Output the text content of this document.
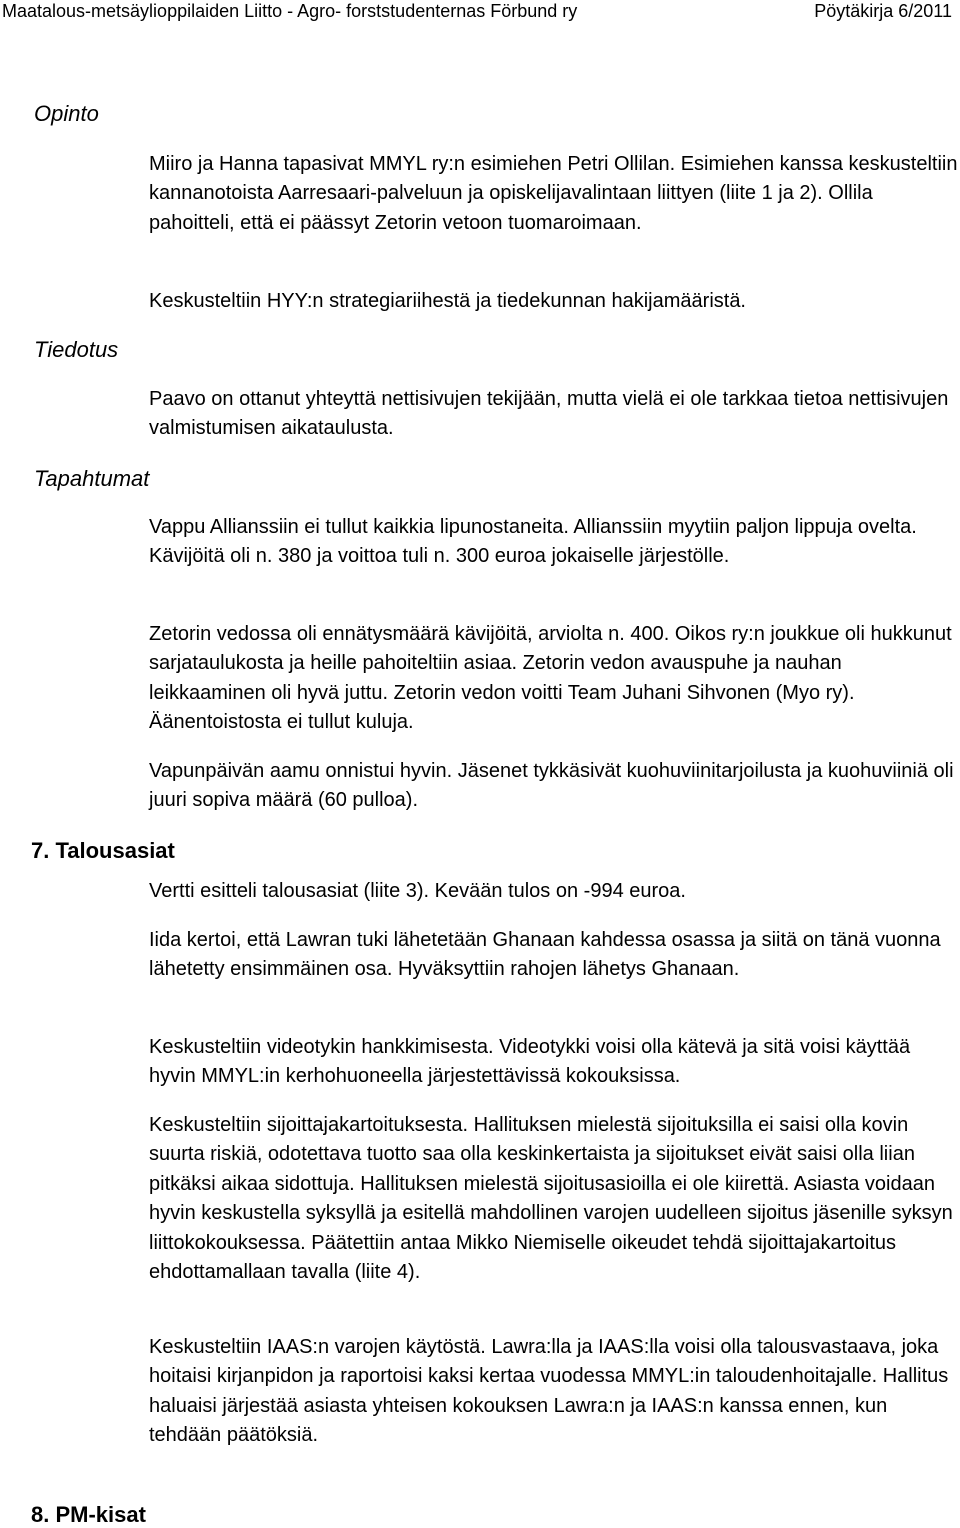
Maatalous-metsäylioppilaiden Liitto - Agro- forststudenternas Förbund ry	Pöytäkirja 6/2011
Opinto
Tiedotus
Tapahtumat
7. Talousasiat
8. PM-kisat

Miiro ja Hanna tapasivat MMYL ry:n esimiehen Petri Ollilan. Esimiehen kanssa keskusteltiin kannanotoista Aarresaari-palveluun ja opiskelijavalintaan liittyen (liite 1 ja 2). Ollila pahoitteli, että ei päässyt Zetorin vetoon tuomaroimaan.

Keskusteltiin HYY:n strategiariihestä ja tiedekunnan hakijamääristä.

Paavo on ottanut yhteyttä nettisivujen tekijään, mutta vielä ei ole tarkkaa tietoa nettisivujen valmistumisen aikataulusta.

Vappu Allianssiin ei tullut kaikkia lipunostaneita. Allianssiin myytiin paljon lippuja ovelta. Kävijöitä oli n. 380 ja voittoa tuli n. 300 euroa jokaiselle järjestölle.

Zetorin vedossa oli ennätysmäärä kävijöitä, arviolta n. 400. Oikos ry:n joukkue oli hukkunut sarjataulukosta ja heille pahoiteltiin asiaa. Zetorin vedon avauspuhe ja nauhan leikkaaminen oli hyvä juttu. Zetorin vedon voitti Team Juhani Sihvonen (Myo ry). Äänentoistosta ei tullut kuluja.

Vapunpäivän aamu onnistui hyvin. Jäsenet tykkäsivät kuohuviinitarjoilusta ja kuohuviiniä oli juuri sopiva määrä (60 pulloa).

Vertti esitteli talousasiat (liite 3). Kevään tulos on -994 euroa.

Iida kertoi, että Lawran tuki lähetetään Ghanaan kahdessa osassa ja siitä on tänä vuonna lähetetty ensimmäinen osa. Hyväksyttiin rahojen lähetys Ghanaan.

Keskusteltiin videotykin hankkimisesta. Videotykki voisi olla kätevä ja sitä voisi käyttää hyvin MMYL:in kerhohuoneella järjestettävissä kokouksissa.

Keskusteltiin sijoittajakartoituksesta. Hallituksen mielestä sijoituksilla ei saisi olla kovin suurta riskiä, odotettava tuotto saa olla keskinkertaista ja sijoitukset eivät saisi olla liian pitkäksi aikaa sidottuja. Hallituksen mielestä sijoitusasioilla ei ole kiirettä. Asiasta voidaan hyvin keskustella syksyllä ja esitellä mahdollinen varojen uudelleen sijoitus jäsenille syksyn liittokokouksessa. Päätettiin antaa Mikko Niemiselle oikeudet tehdä sijoittajakartoitus ehdottamallaan tavalla (liite 4).

Keskusteltiin IAAS:n varojen käytöstä. Lawra:lla ja IAAS:lla voisi olla talousvastaava, joka hoitaisi kirjanpidon ja raportoisi kaksi kertaa vuodessa MMYL:in taloudenhoitajalle. Hallitus haluaisi järjestää asiasta yhteisen kokouksen Lawra:n ja IAAS:n kanssa ennen, kun tehdään päätöksiä.
